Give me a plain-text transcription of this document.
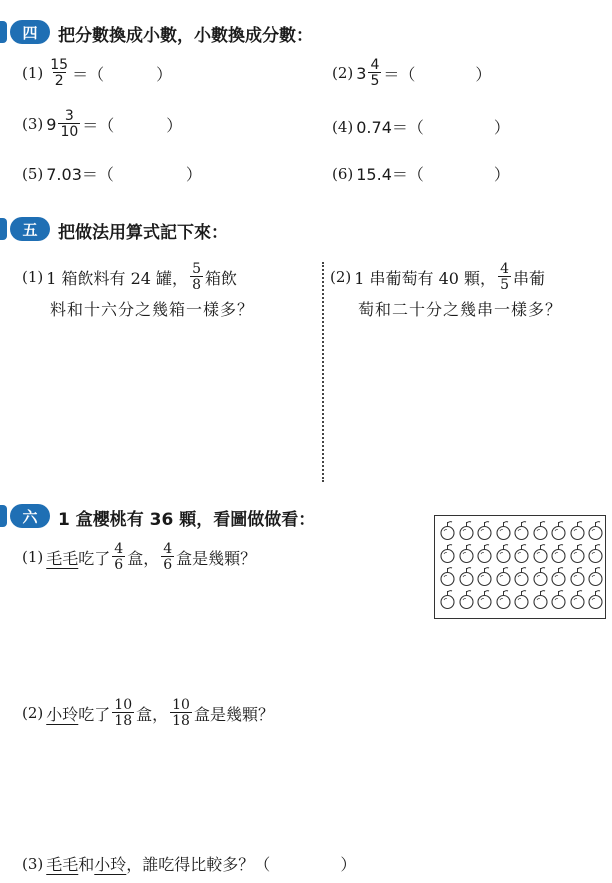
四	把分數換成小數，小數換成分數：
$(1) \frac{15}{2}$ ＝（	）	(2) $3 \frac{4}{5}$ ＝（	）
(3) $9 \frac{3}{10}$ ＝（	）	(4) 0.74＝（	）
(5) 7.03＝（	）	(6) 15.4＝（	）
五	把做法用算式記下來：
(1) 1 箱飲料有 24 罐， $\frac{5}{8}$ 箱飲
料和十六分之幾箱一樣多？
(2) 1 串葡萄有 40 顆， $\frac{4}{5}$ 串葡
萄和二十分之幾串一樣多？
六	1 盒櫻桃有 36 顆，看圖做做看：
(1) 毛毛 吃了 $\frac{4}{6}$ 盒， $\frac{4}{6}$ 盒是幾顆？
(2) 小玲 吃了 $\frac{10}{18}$ 盒， $\frac{10}{18}$ 盒是幾顆？
(3) 毛毛 和 小玲 ，誰吃得比較多？（	）
